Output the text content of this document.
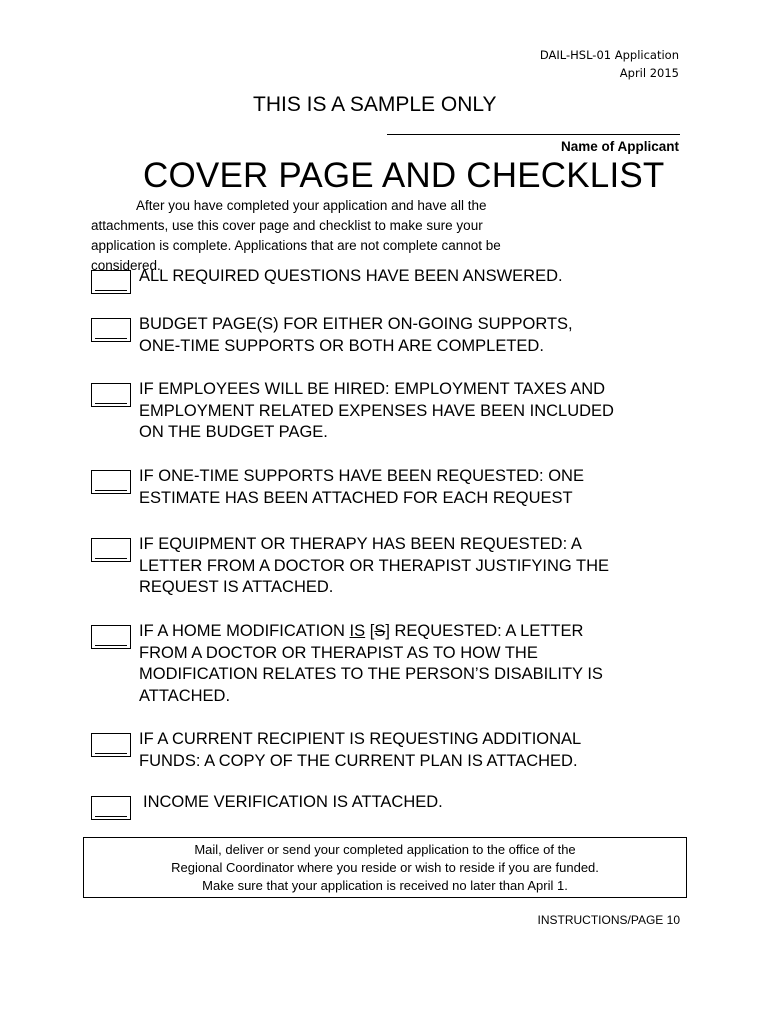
DAIL-HSL-01 Application
April 2015
THIS IS A SAMPLE ONLY
Name of Applicant
COVER PAGE AND CHECKLIST
After you have completed your application and have all the
attachments, use this cover page and checklist to make sure your
application is complete. Applications that are not complete cannot be
considered.
ALL REQUIRED QUESTIONS HAVE BEEN ANSWERED.
BUDGET PAGE(S) FOR EITHER ON-GOING SUPPORTS,
ONE-TIME SUPPORTS OR BOTH ARE COMPLETED.
IF EMPLOYEES WILL BE HIRED: EMPLOYMENT TAXES AND
EMPLOYMENT RELATED EXPENSES HAVE BEEN INCLUDED
ON THE BUDGET PAGE.
IF ONE-TIME SUPPORTS HAVE BEEN REQUESTED: ONE
ESTIMATE HAS BEEN ATTACHED FOR EACH REQUEST
IF EQUIPMENT OR THERAPY HAS BEEN REQUESTED: A
LETTER FROM A DOCTOR OR THERAPIST JUSTIFYING THE
REQUEST IS ATTACHED.
IF A HOME MODIFICATION IS [S] REQUESTED: A LETTER
FROM A DOCTOR OR THERAPIST AS TO HOW THE
MODIFICATION RELATES TO THE PERSON’S DISABILITY IS
ATTACHED.
IF A CURRENT RECIPIENT IS REQUESTING ADDITIONAL
FUNDS: A COPY OF THE CURRENT PLAN IS ATTACHED.
INCOME VERIFICATION IS ATTACHED.
Mail, deliver or send your completed application to the office of the
Regional Coordinator where you reside or wish to reside if you are funded.
Make sure that your application is received no later than April 1.
INSTRUCTIONS/PAGE 10
